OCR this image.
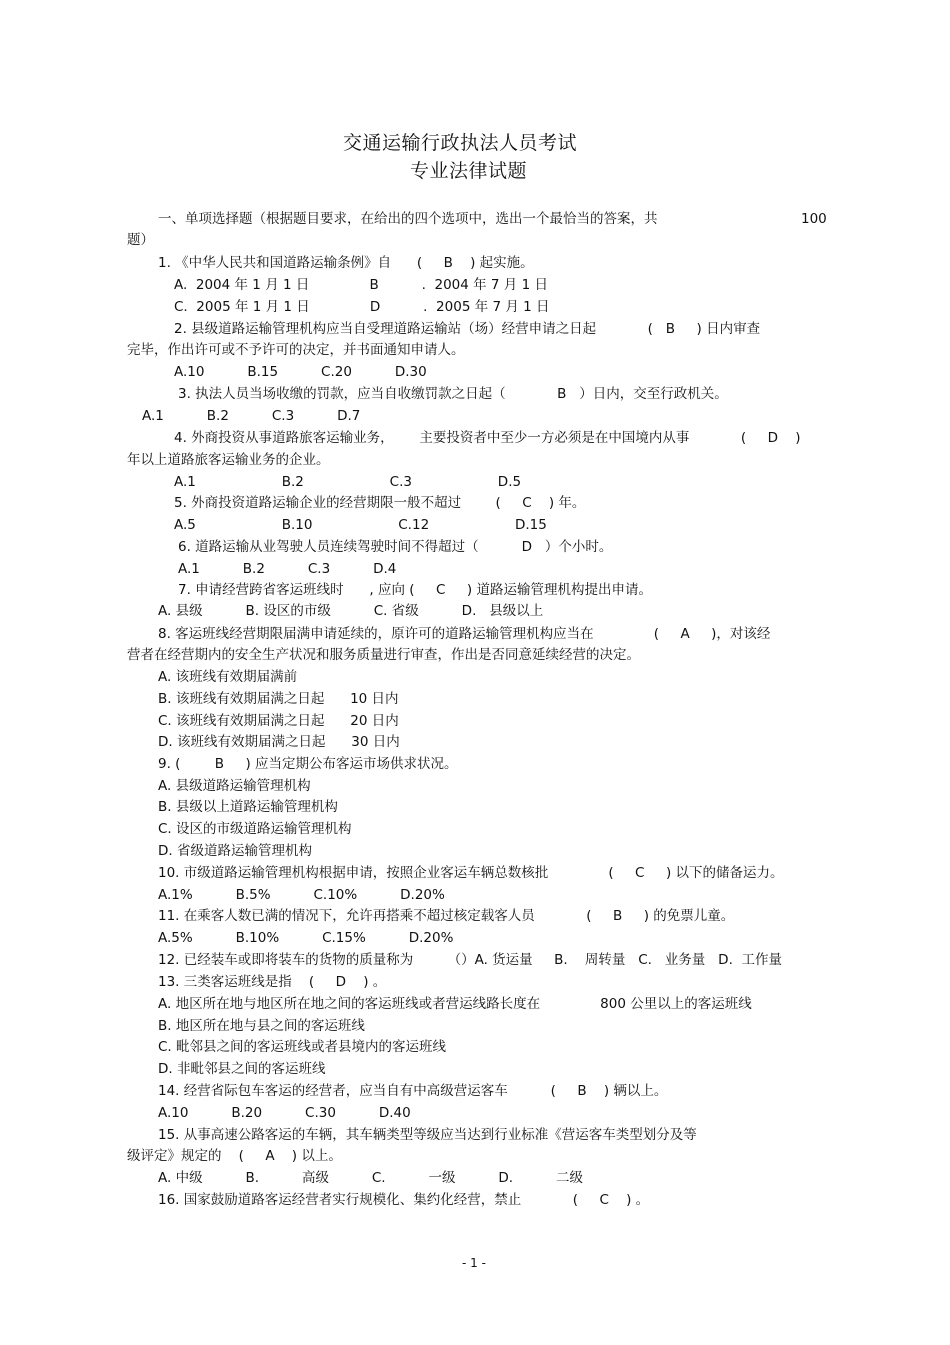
交通运输行政执法人员考试
专业法律试题
一、单项选择题（根据题目要求，在给出的四个选项中，选出一个最恰当的答案，共	100
题）
1. 《中华人民共和国道路运输条例》自      (     B    ) 起实施。
A.  2004 年 1 月 1 日              B          .  2004 年 7 月 1 日
C.  2005 年 1 月 1 日              D          .  2005 年 7 月 1 日
2. 县级道路运输管理机构应当自受理道路运输站（场）经营申请之日起            (   B     ) 日内审查
完毕，作出许可或不予许可的决定，并书面通知申请人。
A.10          B.15          C.20          D.30
3. 执法人员当场收缴的罚款，应当自收缴罚款之日起（            B   ）日内，交至行政机关。
A.1          B.2          C.3          D.7
4. 外商投资从事道路旅客运输业务，      主要投资者中至少一方必须是在中国境内从事            (     D    )
年以上道路旅客运输业务的企业。
A.1                    B.2                    C.3                    D.5
5. 外商投资道路运输企业的经营期限一般不超过        (     C    ) 年。
A.5                    B.10                    C.12                    D.15
6. 道路运输从业驾驶人员连续驾驶时间不得超过（          D   ）个小时。
A.1          B.2          C.3          D.4
7. 申请经营跨省客运班线时      , 应向 (     C     ) 道路运输管理机构提出申请。
A. 县级          B. 设区的市级          C. 省级          D.   县级以上
8. 客运班线经营期限届满申请延续的，原许可的道路运输管理机构应当在              (     A     )，对该经
营者在经营期内的安全生产状况和服务质量进行审查，作出是否同意延续经营的决定。
A. 该班线有效期届满前
B. 该班线有效期届满之日起      10 日内
C. 该班线有效期届满之日起      20 日内
D. 该班线有效期届满之日起      30 日内
9. (        B     ) 应当定期公布客运市场供求状况。
A. 县级道路运输管理机构
B. 县级以上道路运输管理机构
C. 设区的市级道路运输管理机构
D. 省级道路运输管理机构
10. 市级道路运输管理机构根据申请，按照企业客运车辆总数核批              (     C     ) 以下的储备运力。
A.1%          B.5%          C.10%          D.20%
11. 在乘客人数已满的情况下，允许再搭乘不超过核定载客人员            (     B     ) 的免票儿童。
A.5%          B.10%          C.15%          D.20%
12. 已经装车或即将装车的货物的质量称为        （）A. 货运量     B.    周转量   C.   业务量   D.  工作量
13. 三类客运班线是指    (     D    ) 。
A. 地区所在地与地区所在地之间的客运班线或者营运线路长度在              800 公里以上的客运班线
B. 地区所在地与县之间的客运班线
C. 毗邻县之间的客运班线或者县境内的客运班线
D. 非毗邻县之间的客运班线
14. 经营省际包车客运的经营者，应当自有中高级营运客车          (     B    ) 辆以上。
A.10          B.20          C.30          D.40
15. 从事高速公路客运的车辆，其车辆类型等级应当达到行业标准《营运客车类型划分及等
级评定》规定的    (     A    ) 以上。
A. 中级          B.          高级          C.          一级          D.          二级
16. 国家鼓励道路客运经营者实行规模化、集约化经营，禁止            (     C    ) 。
- 1 -
